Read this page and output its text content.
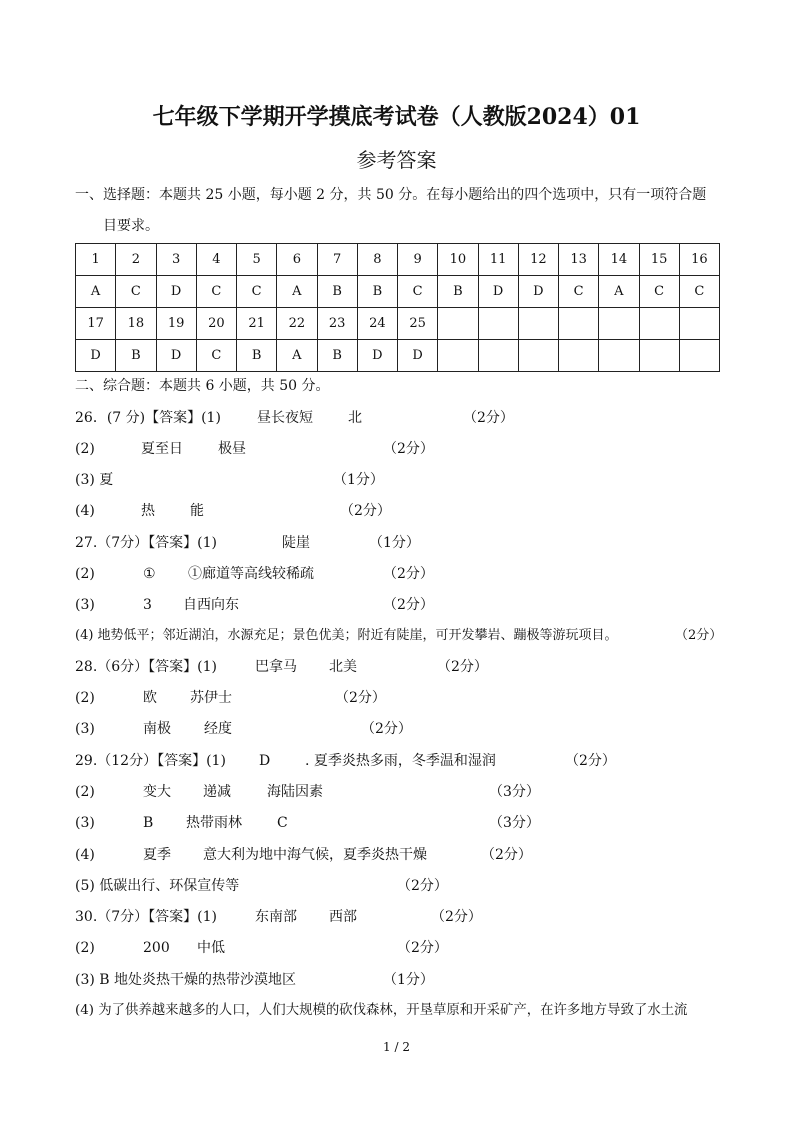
七年级下学期开学摸底考试卷（人教版2024）01
参考答案
一、选择题：本题共 25 小题，每小题 2 分，共 50 分。在每小题给出的四个选项中，只有一项符合题
目要求。
1	2	3	4	5	6	7	8	9	10	11	12	13	14	15	16
A	C	D	C	C	A	B	B	C	B	D	D	C	A	C	C
17	18	19	20	21	22	23	24	25							
D	B	D	C	B	A	B	D	D							
二、综合题：本题共 6 小题，共 50 分。
26．(7 分)【答案】(1)	昼长夜短	北	（2分）
(2)	夏至日	极昼	（2分）
(3) 夏	（1分）
(4)	热	能	（2分）
27.（7分）【答案】(1)	陡崖	（1分）
(2)	① ①廊道等高线较稀疏	（2分）
(3)	3 自西向东	（2分）
(4) 地势低平；邻近湖泊，水源充足；景色优美；附近有陡崖，可开发攀岩、蹦极等游玩项目。	（2分）
28.（6分）【答案】(1)	巴拿马 北美	（2分）
(2)	欧 苏伊士	（2分）
(3)	南极 经度	（2分）
29.（12分）【答案】(1) D . 夏季炎热多雨，冬季温和湿润	（2分）
(2)	变大 递减	海陆因素	（3分）
(3)	B 热带雨林	C	（3分）
(4)	夏季 意大利为地中海气候，夏季炎热干燥	（2分）
(5) 低碳出行、环保宣传等	（2分）
30.（7分）【答案】(1)	东南部 西部	（2分）
(2)	200 中低	（2分）
(3) B 地处炎热干燥的热带沙漠地区	（1分）
(4) 为了供养越来越多的人口，人们大规模的砍伐森林，开垦草原和开采矿产，在许多地方导致了水土流
1 / 2
